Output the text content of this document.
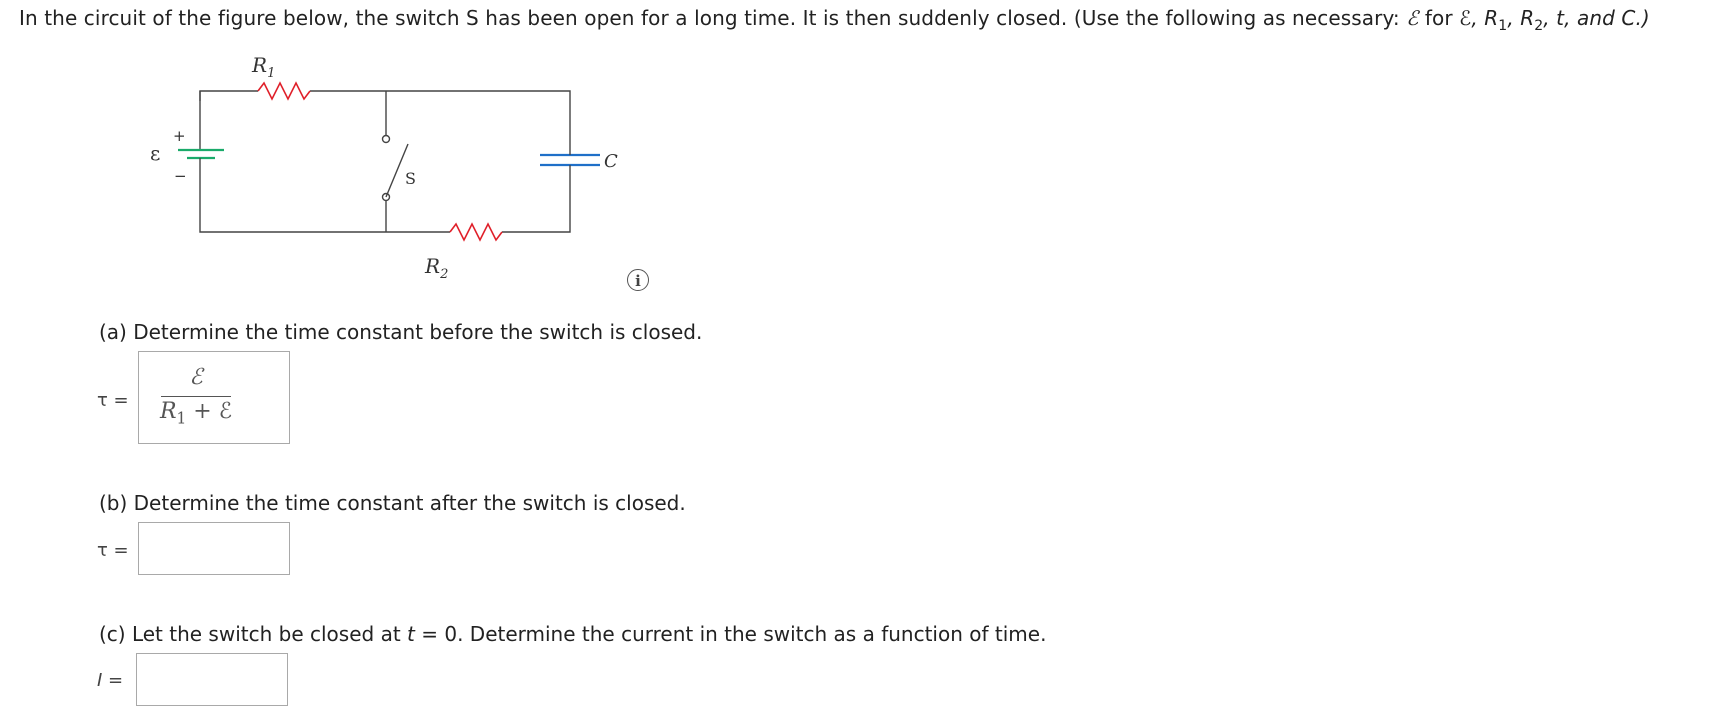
In the circuit of the figure below, the switch S has been open for a long time. It is then suddenly closed. (Use the following as necessary: ℰ for ℰ, $R_1$, $R_2$, t, and C.)
$R_1$
$R_2$
ε
+
−	S
C
i
(a) Determine the time constant before the switch is closed.
τ =
ℰ
$R_1$ + ℰ
(b) Determine the time constant after the switch is closed.
τ =
(c) Let the switch be closed at t = 0. Determine the current in the switch as a function of time.
I =
